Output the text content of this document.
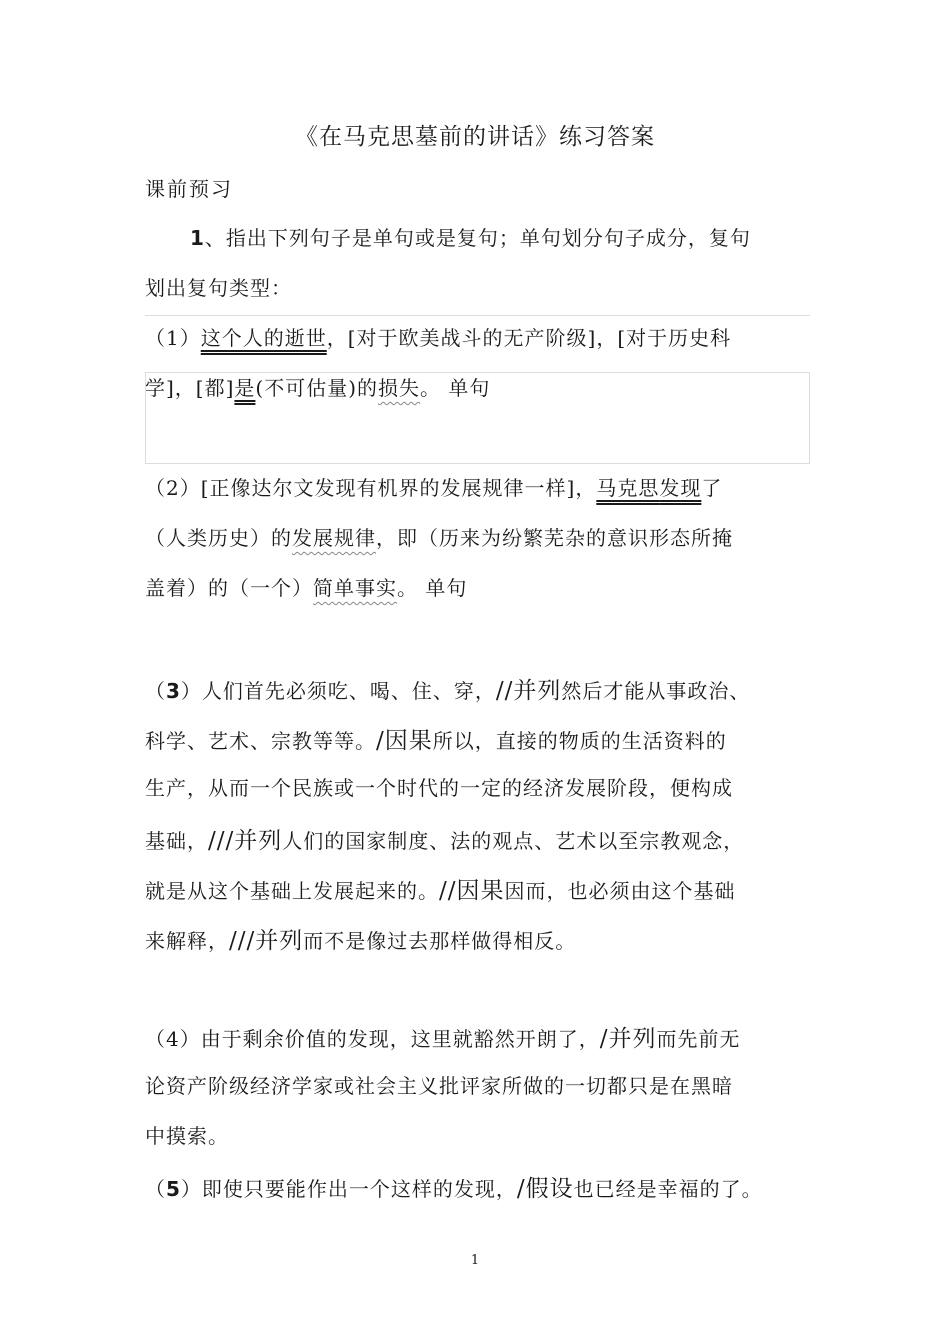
《在马克思墓前的讲话》练习答案
课前预习
1、指出下列句子是单句或是复句；单句划分句子成分，复句
划出复句类型：
（1）这个人的逝世，[对于欧美战斗的无产阶级]，[对于历史科
学]，[都]是(不可估量)的损失。 单句
（2）[正像达尔文发现有机界的发展规律一样]，马克思发现了
（人类历史）的发展规律，即（历来为纷繁芜杂的意识形态所掩
盖着）的（一个）简单事实。 单句
（3）人们首先必须吃、喝、住、穿，//并列然后才能从事政治、
科学、艺术、宗教等等。/因果所以，直接的物质的生活资料的
生产，从而一个民族或一个时代的一定的经济发展阶段，便构成
基础，///并列人们的国家制度、法的观点、艺术以至宗教观念，
就是从这个基础上发展起来的。//因果因而，也必须由这个基础
来解释，///并列而不是像过去那样做得相反。
（4）由于剩余价值的发现，这里就豁然开朗了，/并列而先前无
论资产阶级经济学家或社会主义批评家所做的一切都只是在黑暗
中摸索。
（5）即使只要能作出一个这样的发现，/假设也已经是幸福的了。
1
